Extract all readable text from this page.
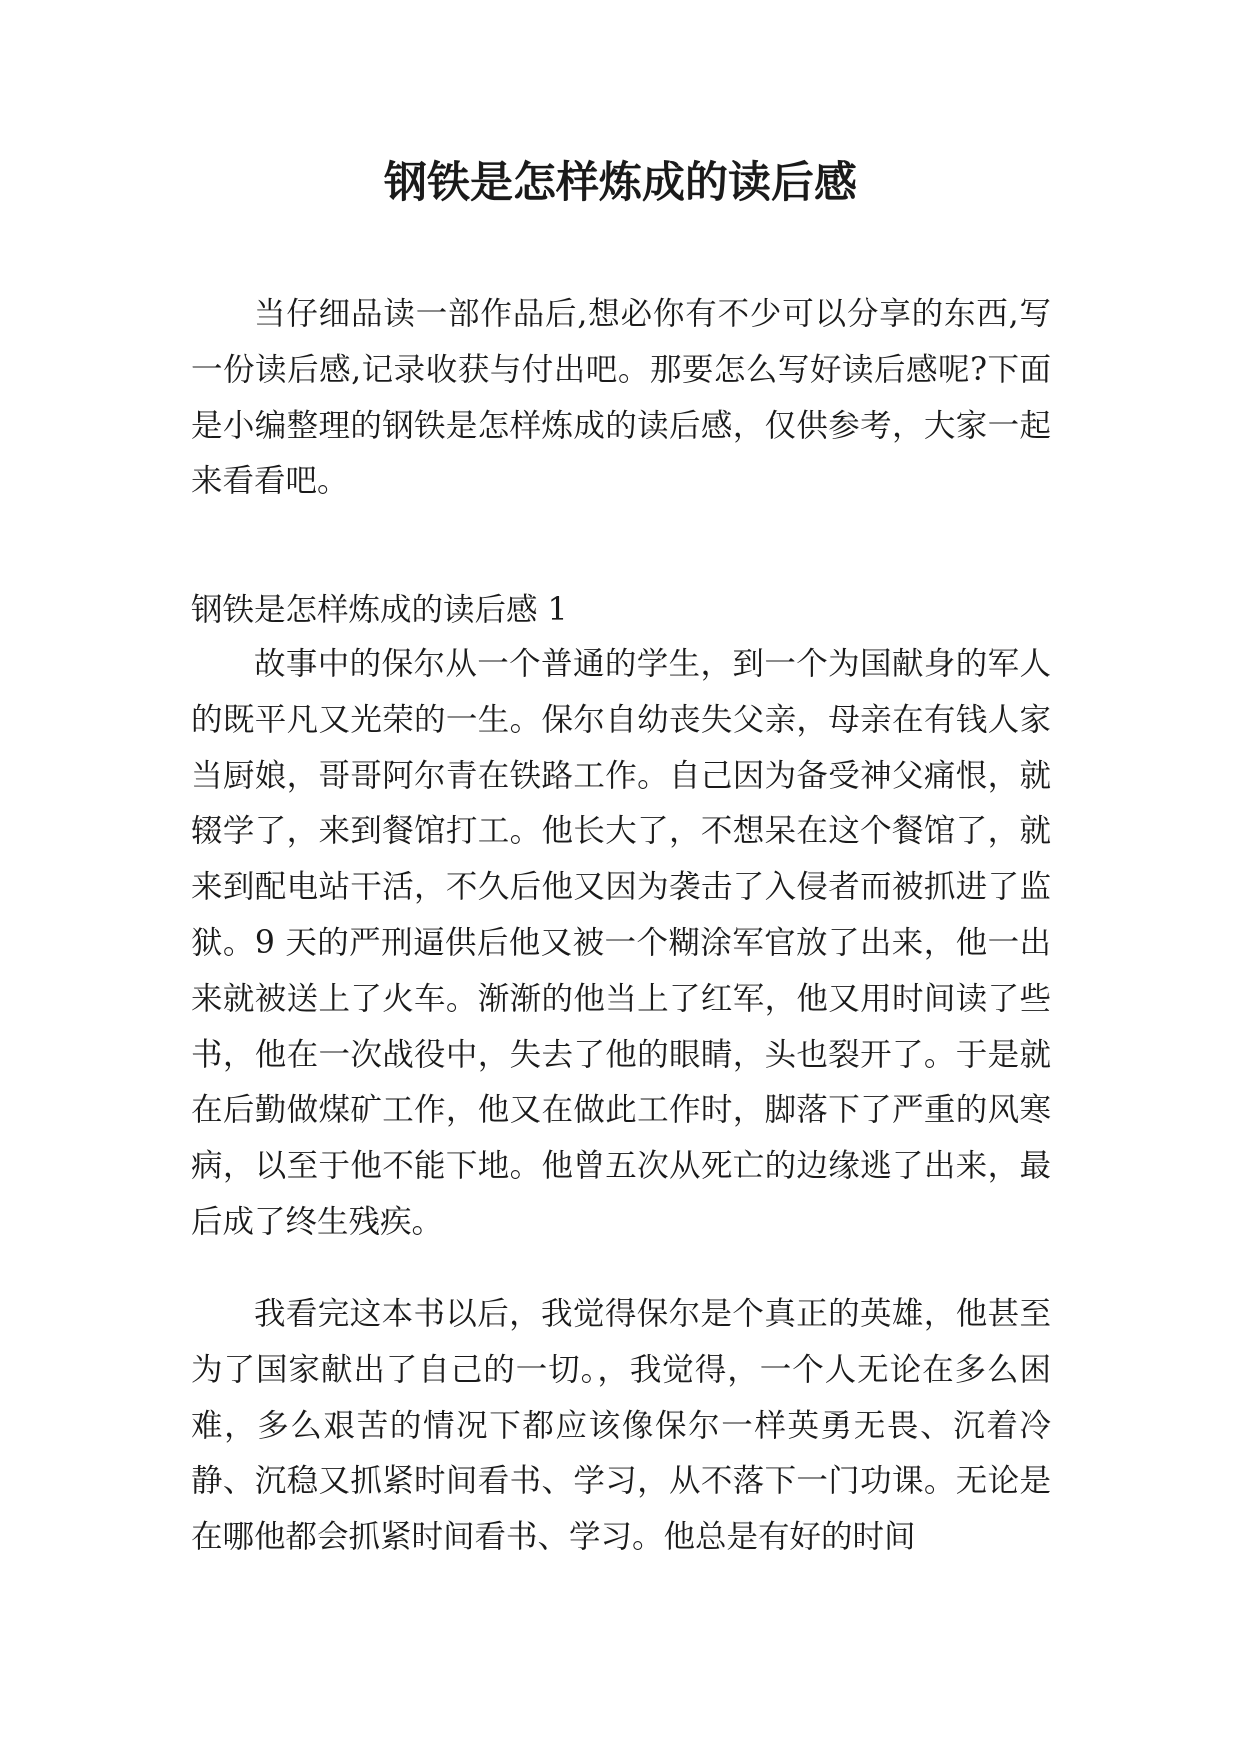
钢铁是怎样炼成的读后感

当仔细品读一部作品后,想必你有不少可以分享的东西,写一份读后感,记录收获与付出吧。那要怎么写好读后感呢?下面是小编整理的钢铁是怎样炼成的读后感，仅供参考，大家一起来看看吧。

钢铁是怎样炼成的读后感 1

故事中的保尔从一个普通的学生，到一个为国献身的军人的既平凡又光荣的一生。保尔自幼丧失父亲，母亲在有钱人家当厨娘，哥哥阿尔青在铁路工作。自己因为备受神父痛恨，就辍学了，来到餐馆打工。他长大了，不想呆在这个餐馆了，就来到配电站干活，不久后他又因为袭击了入侵者而被抓进了监狱。9 天的严刑逼供后他又被一个糊涂军官放了出来，他一出来就被送上了火车。渐渐的他当上了红军，他又用时间读了些书，他在一次战役中，失去了他的眼睛，头也裂开了。于是就在后勤做煤矿工作，他又在做此工作时，脚落下了严重的风寒病，以至于他不能下地。他曾五次从死亡的边缘逃了出来，最后成了终生残疾。

我看完这本书以后，我觉得保尔是个真正的英雄，他甚至为了国家献出了自己的一切。，我觉得，一个人无论在多么困难，多么艰苦的情况下都应该像保尔一样英勇无畏、沉着冷静、沉稳又抓紧时间看书、学习，从不落下一门功课。无论是在哪他都会抓紧时间看书、学习。他总是有好的时间
